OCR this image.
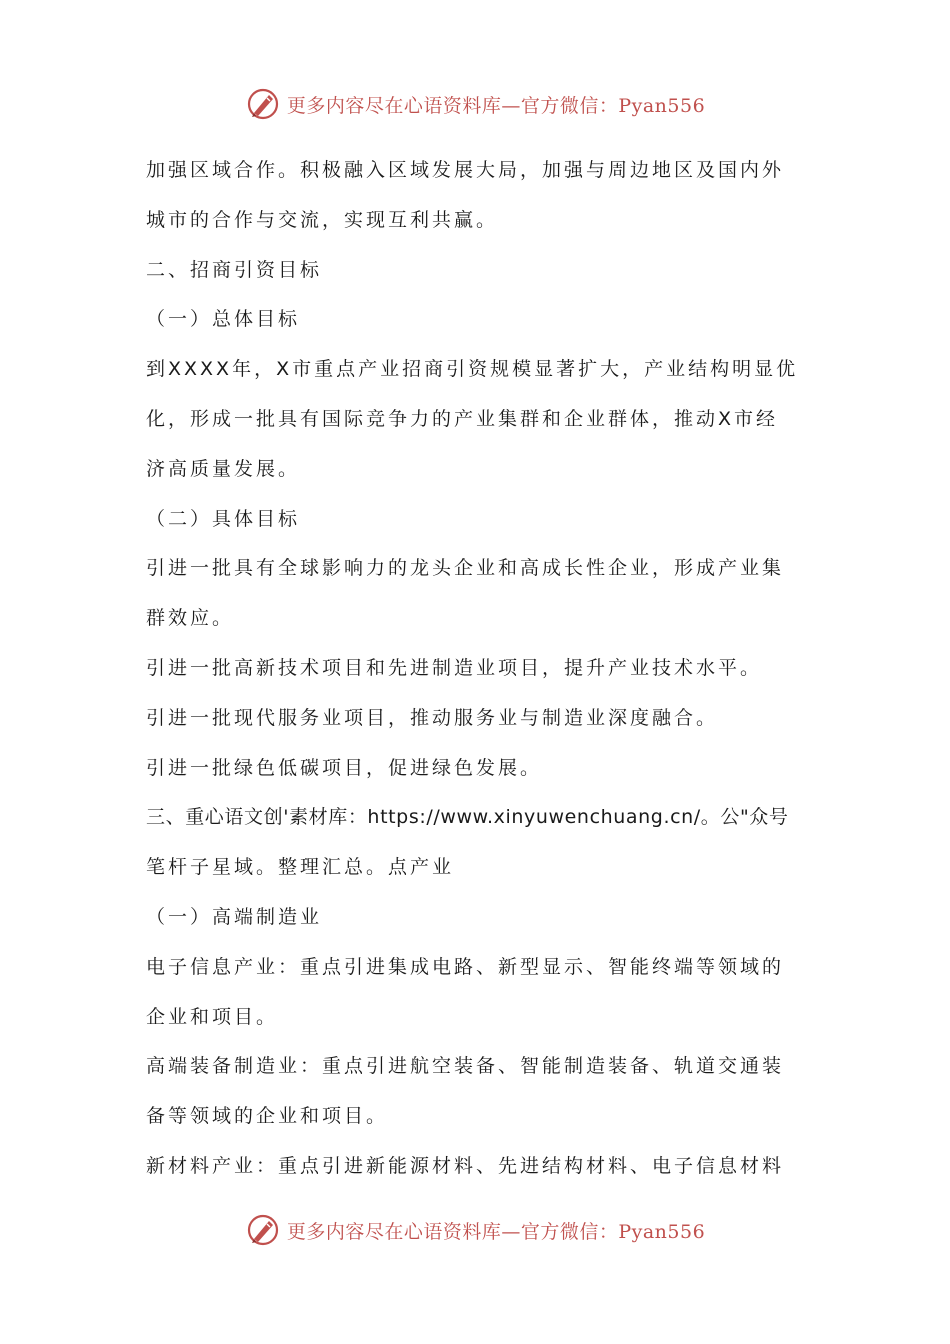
更多内容尽在心语资料库—官方微信：Pyan556

加强区域合作。积极融入区域发展大局，加强与周边地区及国内外

城市的合作与交流，实现互利共赢。

二、招商引资目标

（一）总体目标

到XXXX年，X市重点产业招商引资规模显著扩大，产业结构明显优

化，形成一批具有国际竞争力的产业集群和企业群体，推动X市经

济高质量发展。

（二）具体目标

引进一批具有全球影响力的龙头企业和高成长性企业，形成产业集

群效应。

引进一批高新技术项目和先进制造业项目，提升产业技术水平。

引进一批现代服务业项目，推动服务业与制造业深度融合。

引进一批绿色低碳项目，促进绿色发展。

三、重心语文创'素材库：https://www.xinyuwenchuang.cn/。公"众号

笔杆子星域。整理汇总。点产业

（一）高端制造业

电子信息产业：重点引进集成电路、新型显示、智能终端等领域的

企业和项目。

高端装备制造业：重点引进航空装备、智能制造装备、轨道交通装

备等领域的企业和项目。

新材料产业：重点引进新能源材料、先进结构材料、电子信息材料

更多内容尽在心语资料库—官方微信：Pyan556
